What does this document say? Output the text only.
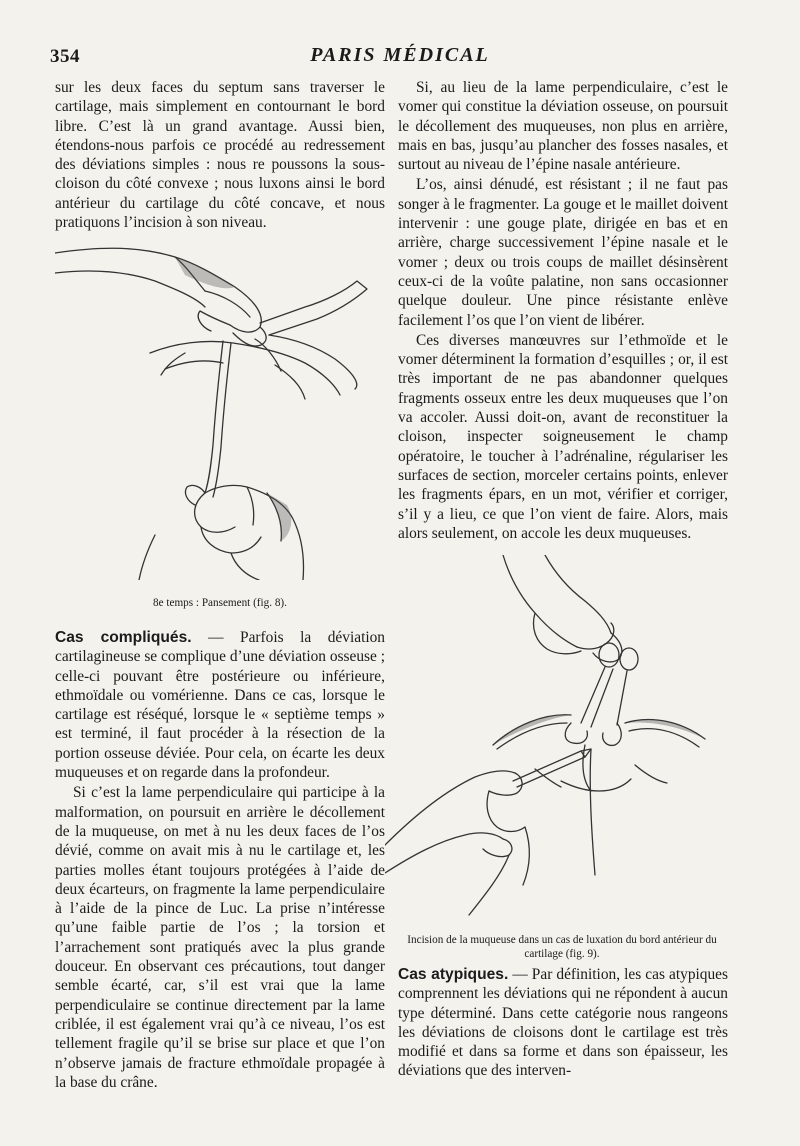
354	PARIS MÉDICAL

sur les deux faces du septum sans traverser le cartilage, mais simplement en contournant le bord libre. C’est là un grand avantage. Aussi bien, étendons-nous parfois ce procédé au redressement des déviations simples : nous re poussons la sous-cloison du côté convexe ; nous luxons ainsi le bord antérieur du cartilage du côté concave, et nous pratiquons l’incision à son niveau.

8e temps : Pansement (fig. 8).

Cas compliqués. — Parfois la déviation cartilagineuse se complique d’une déviation osseuse ; celle-ci pouvant être postérieure ou inférieure, ethmoïdale ou vomérienne. Dans ce cas, lorsque le cartilage est réséqué, lorsque le « septième temps » est terminé, il faut procéder à la résection de la portion osseuse déviée. Pour cela, on écarte les deux muqueuses et on regarde dans la profondeur.

Si c’est la lame perpendiculaire qui participe à la malformation, on poursuit en arrière le décollement de la muqueuse, on met à nu les deux faces de l’os dévié, comme on avait mis à nu le cartilage et, les parties molles étant toujours protégées à l’aide de deux écarteurs, on fragmente la lame perpendiculaire à l’aide de la pince de Luc. La prise n’intéresse qu’une faible partie de l’os ; la torsion et l’arrachement sont pratiqués avec la plus grande douceur. En observant ces précautions, tout danger semble écarté, car, s’il est vrai que la lame perpendiculaire se continue directement par la lame criblée, il est également vrai qu’à ce niveau, l’os est tellement fragile qu’il se brise sur place et que l’on n’observe jamais de fracture ethmoïdale propagée à la base du crâne.

Si, au lieu de la lame perpendiculaire, c’est le vomer qui constitue la déviation osseuse, on poursuit le décollement des muqueuses, non plus en arrière, mais en bas, jusqu’au plancher des fosses nasales, et surtout au niveau de l’épine nasale antérieure.

L’os, ainsi dénudé, est résistant ; il ne faut pas songer à le fragmenter. La gouge et le maillet doivent intervenir : une gouge plate, dirigée en bas et en arrière, charge successivement l’épine nasale et le vomer ; deux ou trois coups de maillet désinsèrent ceux-ci de la voûte palatine, non sans occasionner quelque douleur. Une pince résistante enlève facilement l’os que l’on vient de libérer.

Ces diverses manœuvres sur l’ethmoïde et le vomer déterminent la formation d’esquilles ; or, il est très important de ne pas abandonner quelques fragments osseux entre les deux muqueuses que l’on va accoler. Aussi doit-on, avant de reconstituer la cloison, inspecter soigneusement le champ opératoire, le toucher à l’adrénaline, régulariser les surfaces de section, morceler certains points, enlever les fragments épars, en un mot, vérifier et corriger, s’il y a lieu, ce que l’on vient de faire. Alors, mais alors seulement, on accole les deux muqueuses.

Incision de la muqueuse dans un cas de luxation du bord antérieur du cartilage (fig. 9).

Cas atypiques. — Par définition, les cas atypiques comprennent les déviations qui ne répondent à aucun type déterminé. Dans cette catégorie nous rangeons les déviations de cloisons dont le cartilage est très modifié et dans sa forme et dans son épaisseur, les déviations que des interven-
